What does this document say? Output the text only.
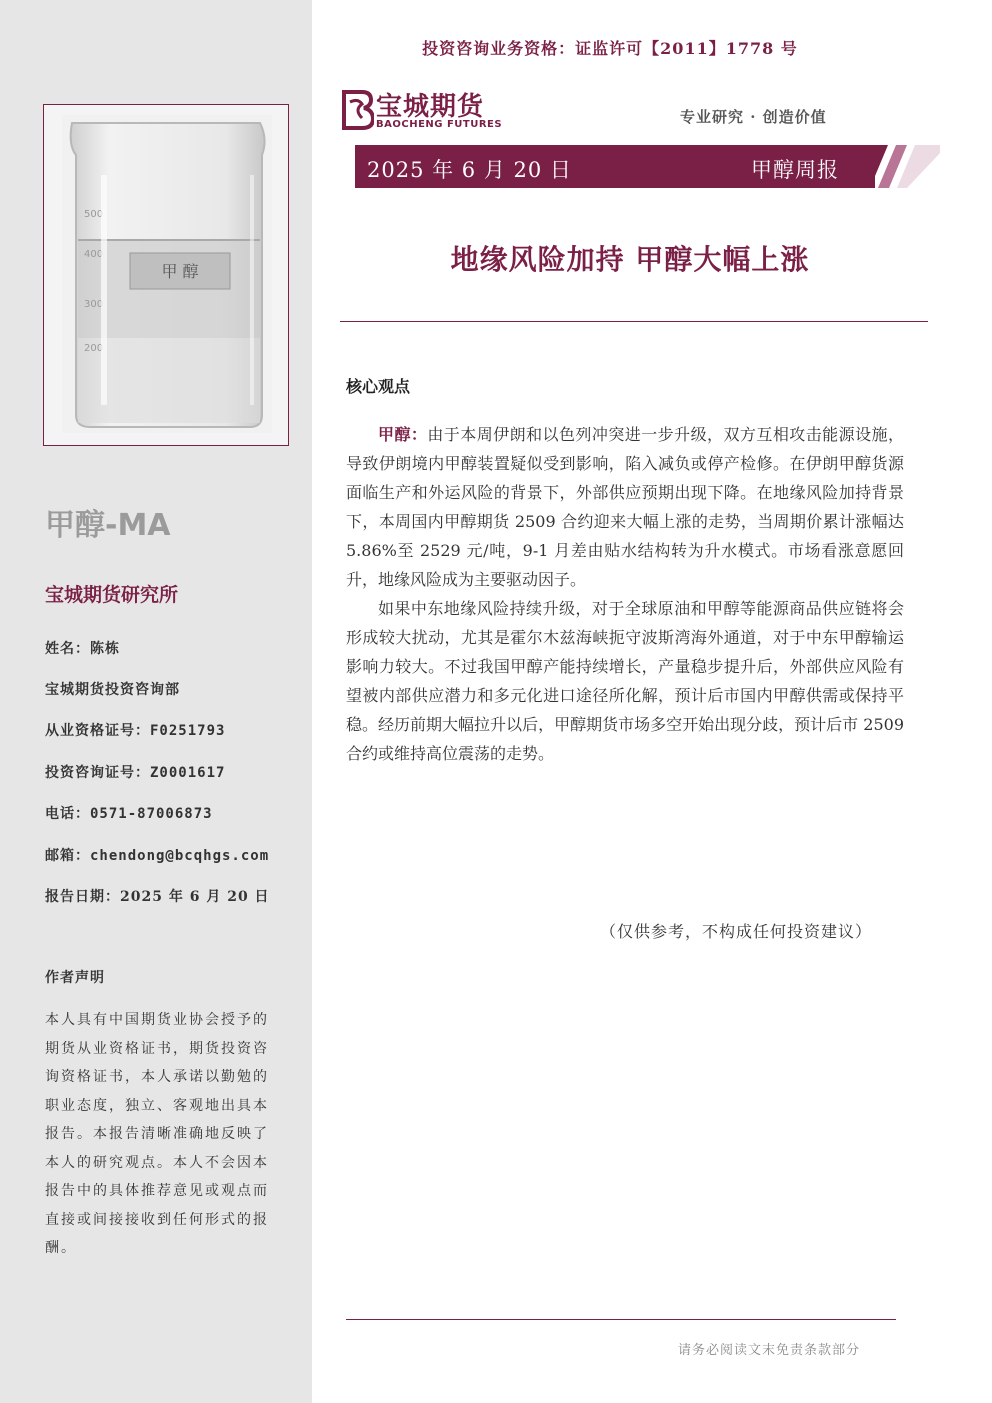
投资咨询业务资格：证监许可【2011】1778 号
甲 醇
500
400
300
200
宝城期货
BAOCHENG FUTURES	专业研究 · 创造价值
2025 年 6 月 20 日	甲醇周报
地缘风险加持 甲醇大幅上涨
核心观点

甲醇：由于本周伊朗和以色列冲突进一步升级，双方互相攻击能源设施，导致伊朗境内甲醇装置疑似受到影响，陷入减负或停产检修。在伊朗甲醇货源面临生产和外运风险的背景下，外部供应预期出现下降。在地缘风险加持背景下，本周国内甲醇期货 2509 合约迎来大幅上涨的走势，当周期价累计涨幅达 5.86%至 2529 元/吨，9-1 月差由贴水结构转为升水模式。市场看涨意愿回升，地缘风险成为主要驱动因子。

如果中东地缘风险持续升级，对于全球原油和甲醇等能源商品供应链将会形成较大扰动，尤其是霍尔木兹海峡扼守波斯湾海外通道，对于中东甲醇输运影响力较大。不过我国甲醇产能持续增长，产量稳步提升后，外部供应风险有望被内部供应潜力和多元化进口途径所化解，预计后市国内甲醇供需或保持平稳。经历前期大幅拉升以后，甲醇期货市场多空开始出现分歧，预计后市 2509 合约或维持高位震荡的走势。

（仅供参考，不构成任何投资建议）
甲醇-MA
宝城期货研究所
姓名：陈栋
宝城期货投资咨询部
从业资格证号：F0251793
投资咨询证号：Z0001617
电话：0571-87006873
邮箱：chendong@bcqhgs.com
报告日期：2025 年 6 月 20 日
作者声明
本人具有中国期货业协会授予的期货从业资格证书，期货投资咨询资格证书，本人承诺以勤勉的职业态度，独立、客观地出具本报告。本报告清晰准确地反映了本人的研究观点。本人不会因本报告中的具体推荐意见或观点而直接或间接接收到任何形式的报酬。
请务必阅读文末免责条款部分
